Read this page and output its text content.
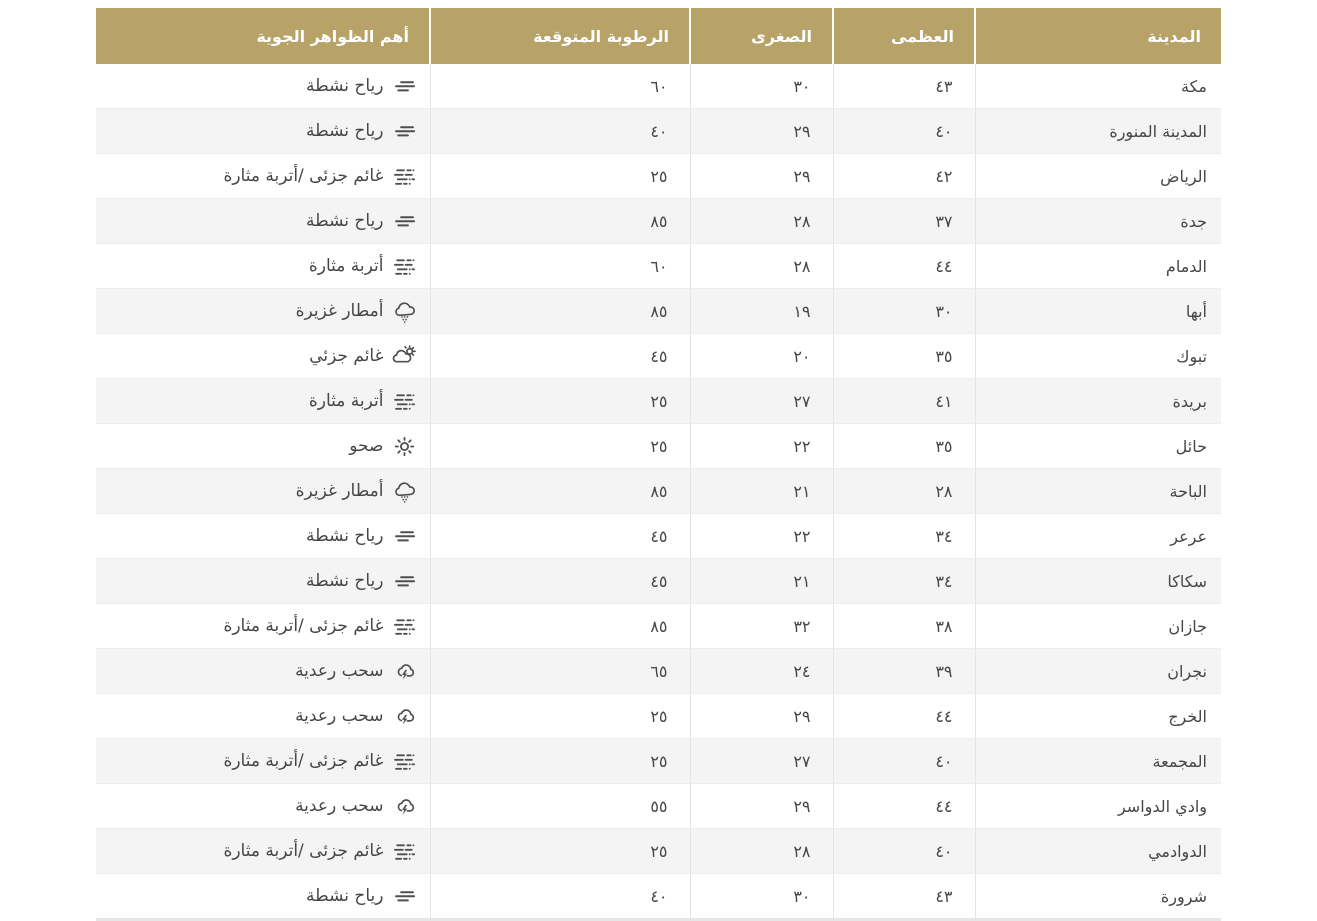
المدينة	العظمى	الصغرى	الرطوبة المتوقعة	أهم الظواهر الجوية
مكة	٤٣	٣٠	٦٠	رياح نشطة

المدينة المنورة	٤٠	٢٩	٤٠	رياح نشطة

الرياض	٤٢	٢٩	٢٥	غائم جزئى /أتربة مثارة

جدة	٣٧	٢٨	٨٥	رياح نشطة

الدمام	٤٤	٢٨	٦٠	أتربة مثارة

أبها	٣٠	١٩	٨٥	أمطار غزيرة

تبوك	٣٥	٢٠	٤٥	غائم جزئي

بريدة	٤١	٢٧	٢٥	أتربة مثارة

حائل	٣٥	٢٢	٢٥	صحو

الباحة	٢٨	٢١	٨٥	أمطار غزيرة

عرعر	٣٤	٢٢	٤٥	رياح نشطة

سكاكا	٣٤	٢١	٤٥	رياح نشطة

جازان	٣٨	٣٢	٨٥	غائم جزئى /أتربة مثارة

نجران	٣٩	٢٤	٦٥	سحب رعدية

الخرج	٤٤	٢٩	٢٥	سحب رعدية

المجمعة	٤٠	٢٧	٢٥	غائم جزئى /أتربة مثارة

وادي الدواسر	٤٤	٢٩	٥٥	سحب رعدية

الدوادمي	٤٠	٢٨	٢٥	غائم جزئى /أتربة مثارة

شرورة	٤٣	٣٠	٤٠	رياح نشطة
